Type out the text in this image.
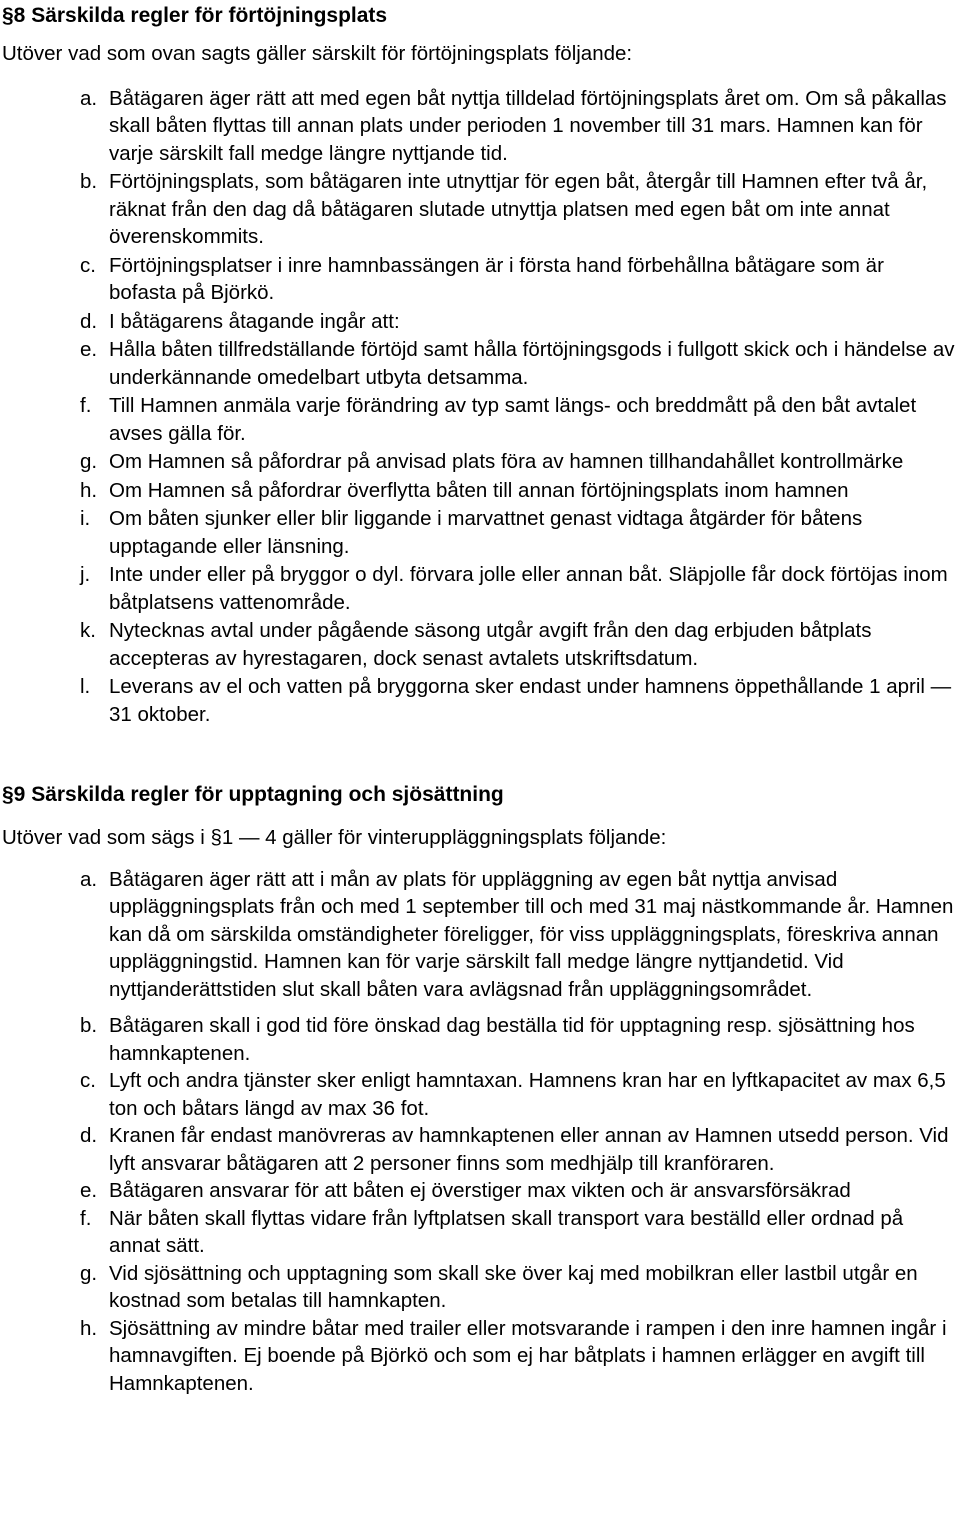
§8 Särskilda regler för förtöjningsplats

Utöver vad som ovan sagts gäller särskilt för förtöjningsplats följande:

a. Båtägaren äger rätt att med egen båt nyttja tilldelad förtöjningsplats året om. Om så påkallas skall båten flyttas till annan plats under perioden 1 november till 31 mars. Hamnen kan för varje särskilt fall medge längre nyttjande tid.
b. Förtöjningsplats, som båtägaren inte utnyttjar för egen båt, återgår till Hamnen efter två år, räknat från den dag då båtägaren slutade utnyttja platsen med egen båt om inte annat överenskommits.
c. Förtöjningsplatser i inre hamnbassängen är i första hand förbehållna båtägare som är bofasta på Björkö.
d. I båtägarens åtagande ingår att:
e. Hålla båten tillfredställande förtöjd samt hålla förtöjningsgods i fullgott skick och i händelse av underkännande omedelbart utbyta detsamma.
f. Till Hamnen anmäla varje förändring av typ samt längs- och breddmått på den båt avtalet avses gälla för.
g. Om Hamnen så påfordrar på anvisad plats föra av hamnen tillhandahållet kontrollmärke
h. Om Hamnen så påfordrar överflytta båten till annan förtöjningsplats inom hamnen
i. Om båten sjunker eller blir liggande i marvattnet genast vidtaga åtgärder för båtens upptagande eller länsning.
j. Inte under eller på bryggor o dyl. förvara jolle eller annan båt. Släpjolle får dock förtöjas inom båtplatsens vattenområde.
k. Nytecknas avtal under pågående säsong utgår avgift från den dag erbjuden båtplats accepteras av hyrestagaren, dock senast avtalets utskriftsdatum.
l. Leverans av el och vatten på bryggorna sker endast under hamnens öppethållande 1 april — 31 oktober.
§9 Särskilda regler för upptagning och sjösättning

Utöver vad som sägs i §1 — 4 gäller för vinteruppläggningsplats följande:

a. Båtägaren äger rätt att i mån av plats för uppläggning av egen båt nyttja anvisad uppläggningsplats från och med 1 september till och med 31 maj nästkommande år. Hamnen kan då om särskilda omständigheter föreligger, för viss uppläggningsplats, föreskriva annan uppläggningstid. Hamnen kan för varje särskilt fall medge längre nyttjandetid. Vid nyttjanderättstiden slut skall båten vara avlägsnad från uppläggningsområdet.
b. Båtägaren skall i god tid före önskad dag beställa tid för upptagning resp. sjösättning hos hamnkaptenen.
c. Lyft och andra tjänster sker enligt hamntaxan. Hamnens kran har en lyftkapacitet av max 6,5 ton och båtars längd av max 36 fot.
d. Kranen får endast manövreras av hamnkaptenen eller annan av Hamnen utsedd person. Vid lyft ansvarar båtägaren att 2 personer finns som medhjälp till kranföraren.
e. Båtägaren ansvarar för att båten ej överstiger max vikten och är ansvarsförsäkrad
f. När båten skall flyttas vidare från lyftplatsen skall transport vara beställd eller ordnad på annat sätt.
g. Vid sjösättning och upptagning som skall ske över kaj med mobilkran eller lastbil utgår en kostnad som betalas till hamnkapten.
h. Sjösättning av mindre båtar med trailer eller motsvarande i rampen i den inre hamnen ingår i hamnavgiften. Ej boende på Björkö och som ej har båtplats i hamnen erlägger en avgift till Hamnkaptenen.
